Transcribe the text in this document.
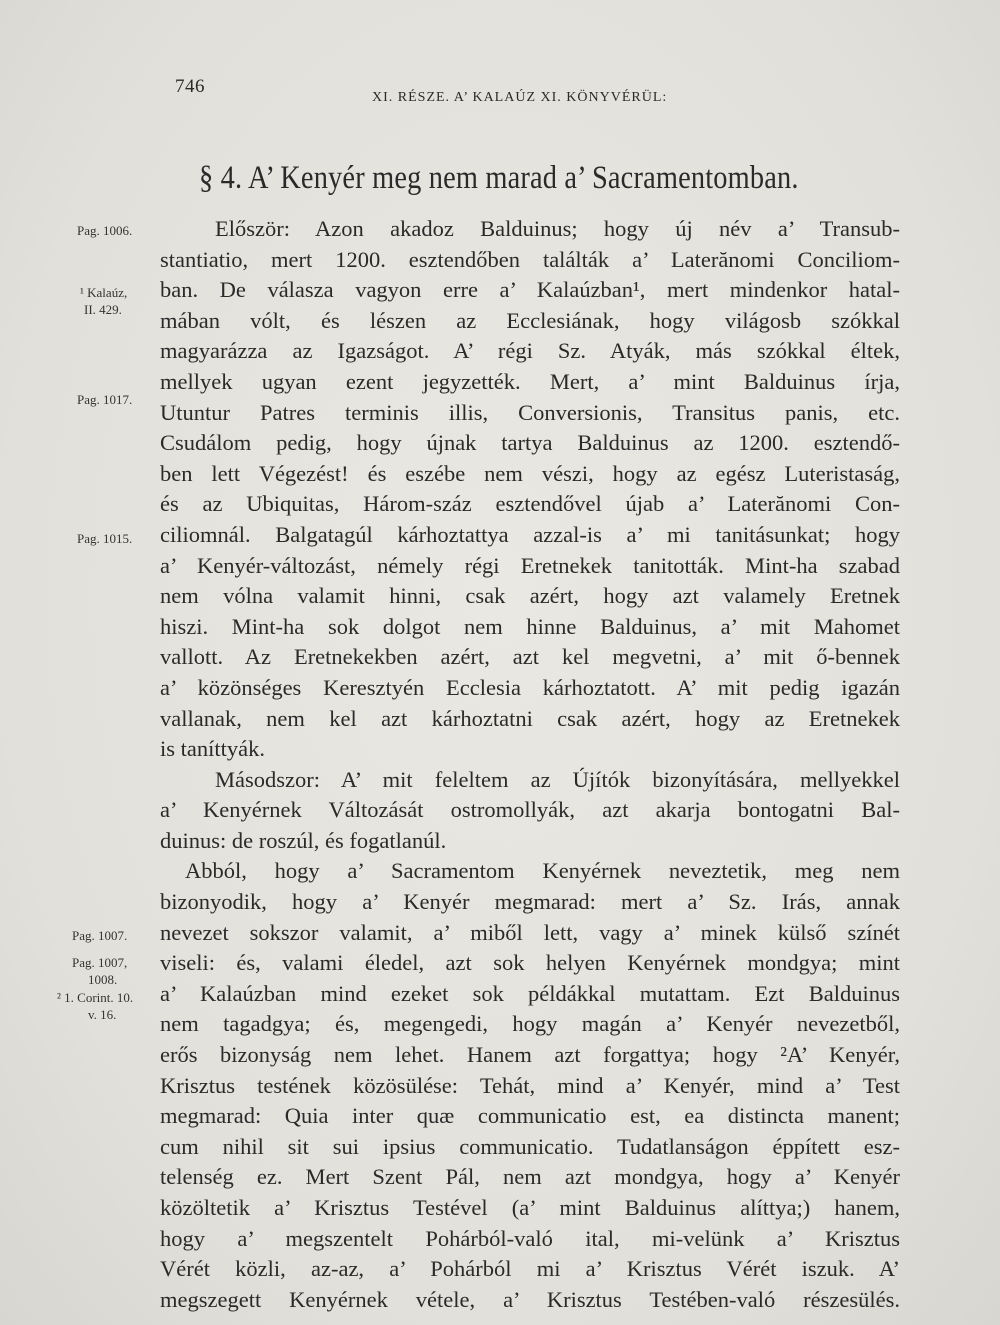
746
XI. RÉSZE. A’ KALAÚZ XI. KÖNYVÉRÜL:
§ 4. A’ Kenyér meg nem marad a’ Sacramentomban.
Pag. 1006.
¹ Kalaúz,
II. 429.
Pag. 1017.
Pag. 1015.
Pag. 1007.
Pag. 1007,
1008.
² 1. Corint. 10.
v. 16.
Először: Azon akadoz Balduinus; hogy új név a’ Transub-
stantiatio, mert 1200. esztendőben találták a’ Laterănomi Conciliom-
ban. De válasza vagyon erre a’ Kalaúzban¹, mert mindenkor hatal-
mában vólt, és lészen az Ecclesiának, hogy világosb szókkal
magyarázza az Igazságot. A’ régi Sz. Atyák, más szókkal éltek,
mellyek ugyan ezent jegyzették. Mert, a’ mint Balduinus írja,
Utuntur Patres terminis illis, Conversionis, Transitus panis, etc.
Csudálom pedig, hogy újnak tartya Balduinus az 1200. esztendő-
ben lett Végezést! és eszébe nem vészi, hogy az egész Luteristaság,
és az Ubiquitas, Három-száz esztendővel újab a’ Laterănomi Con-
ciliomnál. Balgatagúl kárhoztattya azzal-is a’ mi tanitásunkat; hogy
a’ Kenyér-változást, némely régi Eretnekek tanitották. Mint-ha szabad
nem vólna valamit hinni, csak azért, hogy azt valamely Eretnek
hiszi. Mint-ha sok dolgot nem hinne Balduinus, a’ mit Mahomet
vallott. Az Eretnekekben azért, azt kel megvetni, a’ mit ő-bennek
a’ közönséges Keresztyén Ecclesia kárhoztatott. A’ mit pedig igazán
vallanak, nem kel azt kárhoztatni csak azért, hogy az Eretnekek
is taníttyák.
Másodszor: A’ mit feleltem az Újítók bizonyítására, mellyekkel
a’ Kenyérnek Változását ostromollyák, azt akarja bontogatni Bal-
duinus: de roszúl, és fogatlanúl.
Abból, hogy a’ Sacramentom Kenyérnek neveztetik, meg nem
bizonyodik, hogy a’ Kenyér megmarad: mert a’ Sz. Irás, annak
nevezet sokszor valamit, a’ miből lett, vagy a’ minek külső színét
viseli: és, valami éledel, azt sok helyen Kenyérnek mondgya; mint
a’ Kalaúzban mind ezeket sok példákkal mutattam. Ezt Balduinus
nem tagadgya; és, megengedi, hogy magán a’ Kenyér nevezetből,
erős bizonyság nem lehet. Hanem azt forgattya; hogy ²A’ Kenyér,
Krisztus testének közösülése: Tehát, mind a’ Kenyér, mind a’ Test
megmarad: Quia inter quæ communicatio est, ea distincta manent;
cum nihil sit sui ipsius communicatio. Tudatlanságon éppített esz-
telenség ez. Mert Szent Pál, nem azt mondgya, hogy a’ Kenyér
közöltetik a’ Krisztus Testével (a’ mint Balduinus alíttya;) hanem,
hogy a’ megszentelt Pohárból-való ital, mi-velünk a’ Krisztus
Vérét közli, az-az, a’ Pohárból mi a’ Krisztus Vérét iszuk. A’
megszegett Kenyérnek vétele, a’ Krisztus Testében-való részesülés.
